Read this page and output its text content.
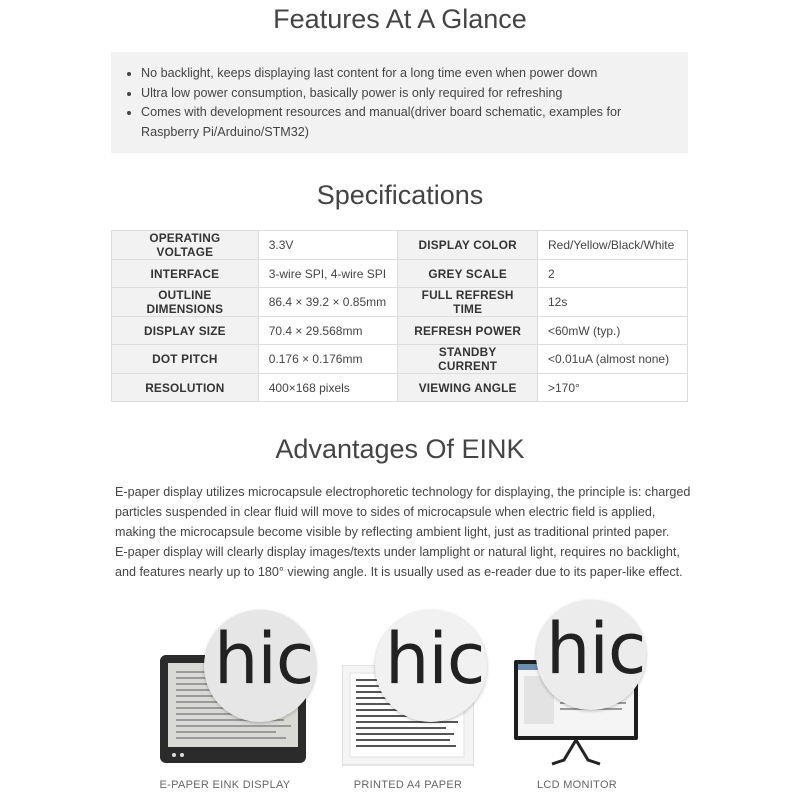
Features At A Glance
• No backlight, keeps displaying last content for a long time even when power down
• Ultra low power consumption, basically power is only required for refreshing
• Comes with development resources and manual(driver board schematic, examples for Raspberry Pi/Arduino/STM32)
Specifications
OPERATING VOLTAGE	3.3V	DISPLAY COLOR	Red/Yellow/Black/White
INTERFACE	3-wire SPI, 4-wire SPI	GREY SCALE	2
OUTLINE DIMENSIONS	86.4 × 39.2 × 0.85mm	FULL REFRESH TIME	12s
DISPLAY SIZE	70.4 × 29.568mm	REFRESH POWER	<60mW (typ.)
DOT PITCH	0.176 × 0.176mm	STANDBY CURRENT	<0.01uA (almost none)
RESOLUTION	400×168 pixels	VIEWING ANGLE	>170°
Advantages Of EINK

E-paper display utilizes microcapsule electrophoretic technology for displaying, the principle is: charged particles suspended in clear fluid will move to sides of microcapsule when electric field is applied, making the microcapsule become visible by reflecting ambient light, just as traditional printed paper.

E-paper display will clearly display images/texts under lamplight or natural light, requires no backlight, and features nearly up to 180° viewing angle. It is usually used as e-reader due to its paper-like effect.

hic
E-PAPER EINK DISPLAY
hic
PRINTED A4 PAPER
hic
LCD MONITOR
